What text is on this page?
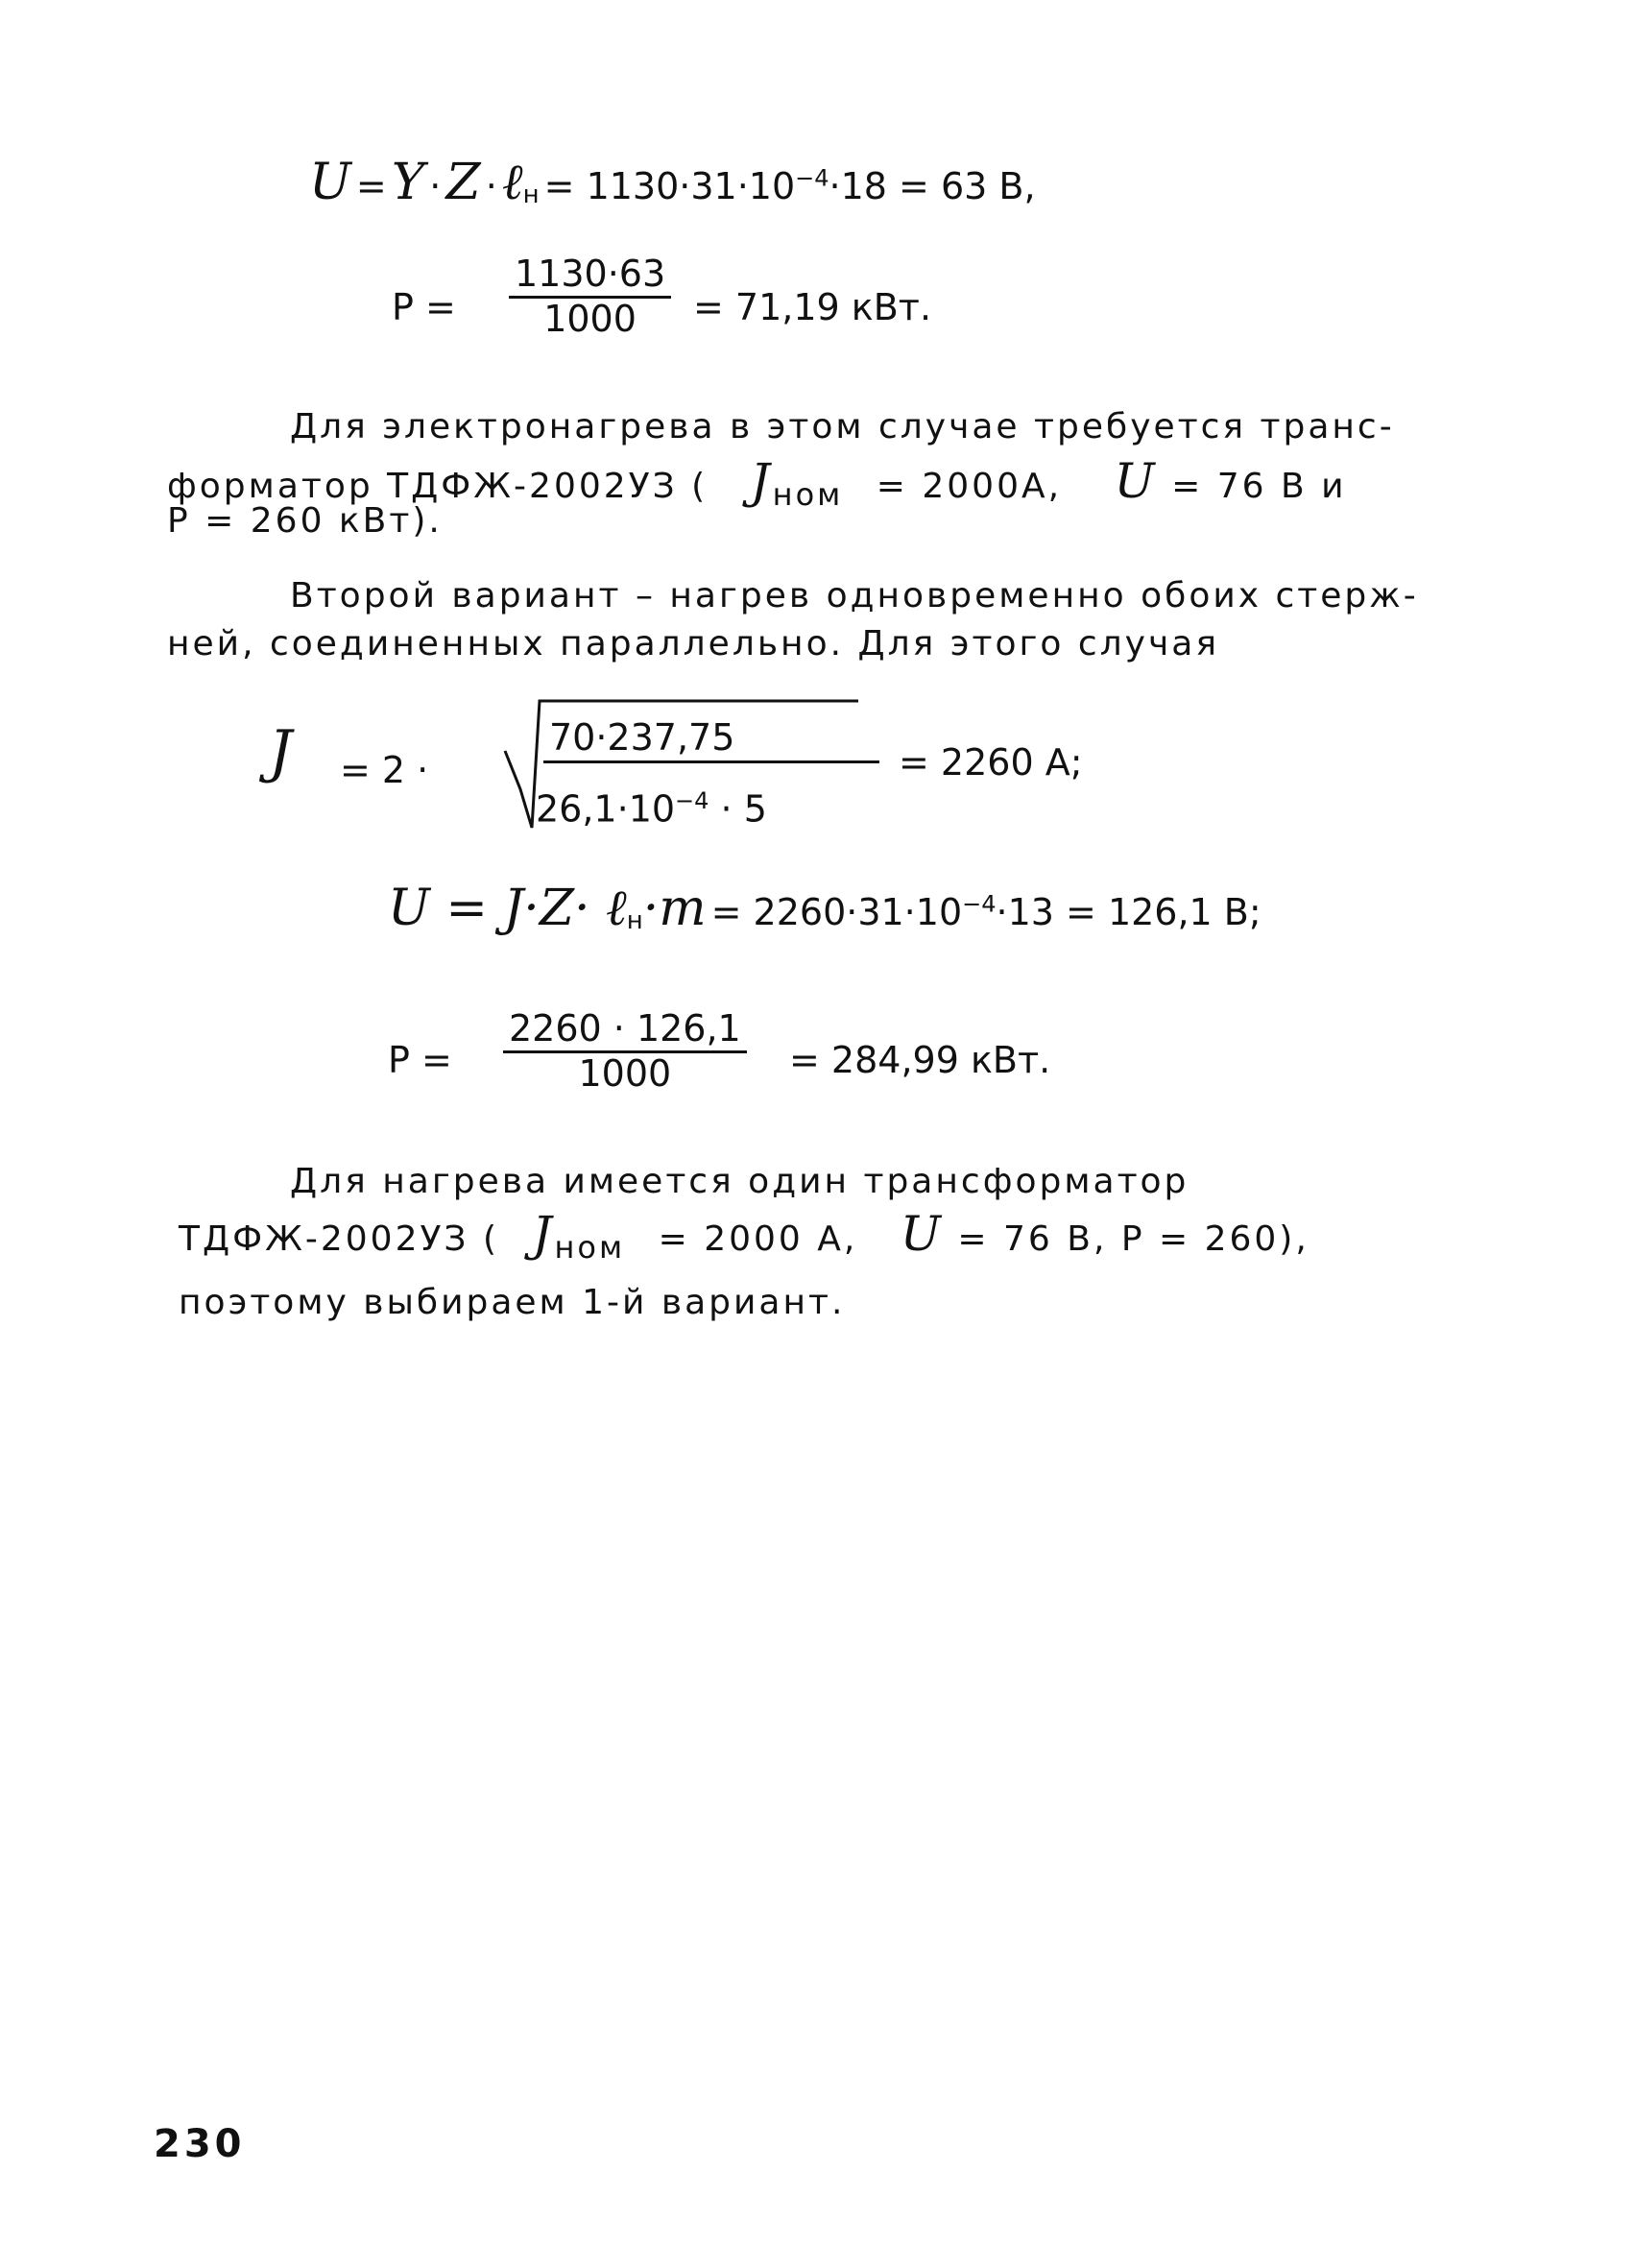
U = Y · Z · ℓ$_н$ = $1130\cdot 31\cdot 10^{-4}\cdot 18 = 63$ В,
$P = \frac{1130\cdot 63}{1000} = 71,19$ кВт.
Для электронагрева в этом случае требуется транс-
форматор ТДФЖ-2002УЗ ( $J_{ном} = 2000А$, U = 76 В и
Р = 260 кВт).
Второй вариант – нагрев одновременно обоих стерж-
ней, соединенных параллельно. Для этого случая
J = 2 ·
70·237,75
$26,1\cdot 10^{-4} \cdot 5$
= 2260 А;
U = J·Z· ℓ$_н$·m = $2260\cdot 31\cdot 10^{-4}\cdot 13 = 126,1$ В;
$P = \frac{2260 \cdot 126,1}{1000} = 284,99$ кВт.
Для нагрева имеется один трансформатор
ТДФЖ-2002УЗ ( $J_{ном} = 2000$ А, U = 76 В, Р = 260),
поэтому выбираем 1-й вариант.
230
